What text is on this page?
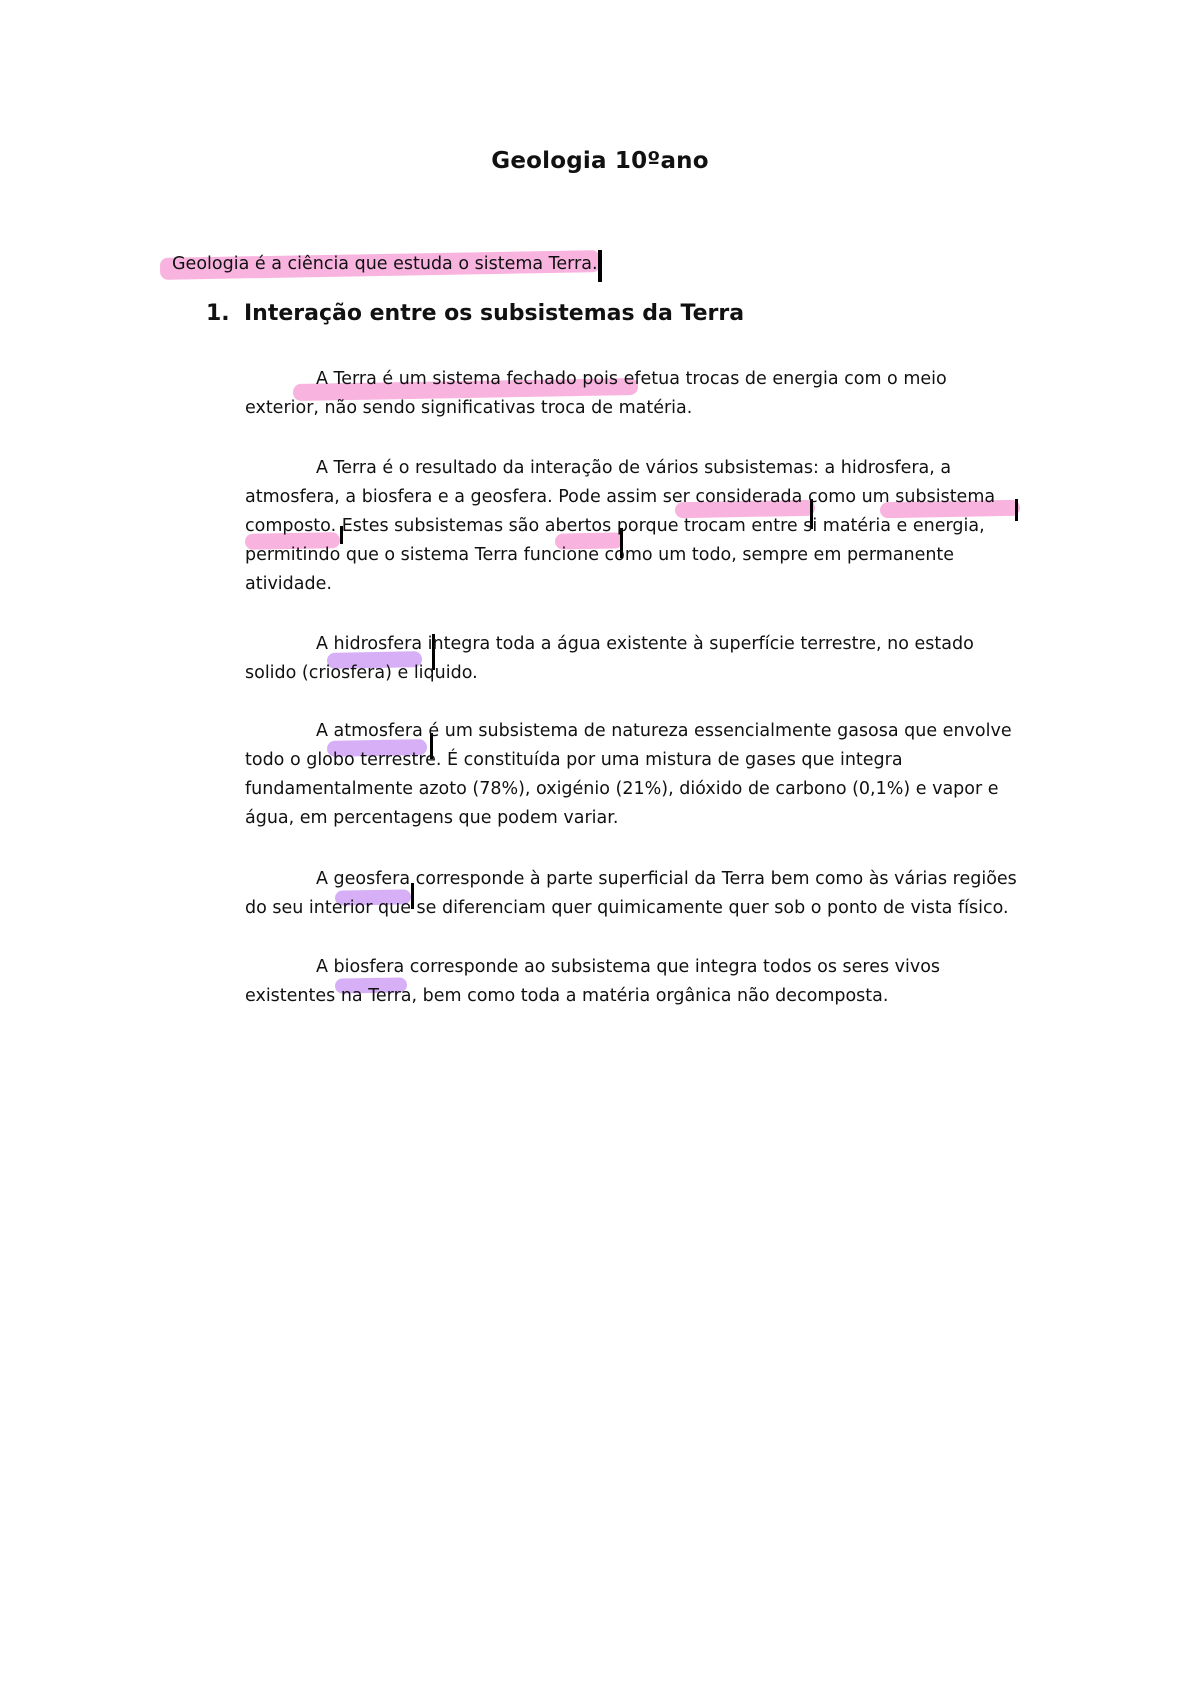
Geologia 10ºano
Geologia é a ciência que estuda o sistema Terra.
1. Interação entre os subsistemas da Terra
A Terra é um sistema fechado pois efetua trocas de energia com o meio
exterior, não sendo significativas troca de matéria.
A Terra é o resultado da interação de vários subsistemas: a hidrosfera, a
atmosfera, a biosfera e a geosfera. Pode assim ser considerada como um subsistema
composto. Estes subsistemas são abertos porque trocam entre si matéria e energia,
permitindo que o sistema Terra funcione como um todo, sempre em permanente
atividade.
A hidrosfera integra toda a água existente à superfície terrestre, no estado
solido (criosfera) e liquido.
A atmosfera é um subsistema de natureza essencialmente gasosa que envolve
todo o globo terrestre. É constituída por uma mistura de gases que integra
fundamentalmente azoto (78%), oxigénio (21%), dióxido de carbono (0,1%) e vapor e
água, em percentagens que podem variar.
A geosfera corresponde à parte superficial da Terra bem como às várias regiões
do seu interior que se diferenciam quer quimicamente quer sob o ponto de vista físico.
A biosfera corresponde ao subsistema que integra todos os seres vivos
existentes na Terra, bem como toda a matéria orgânica não decomposta.
